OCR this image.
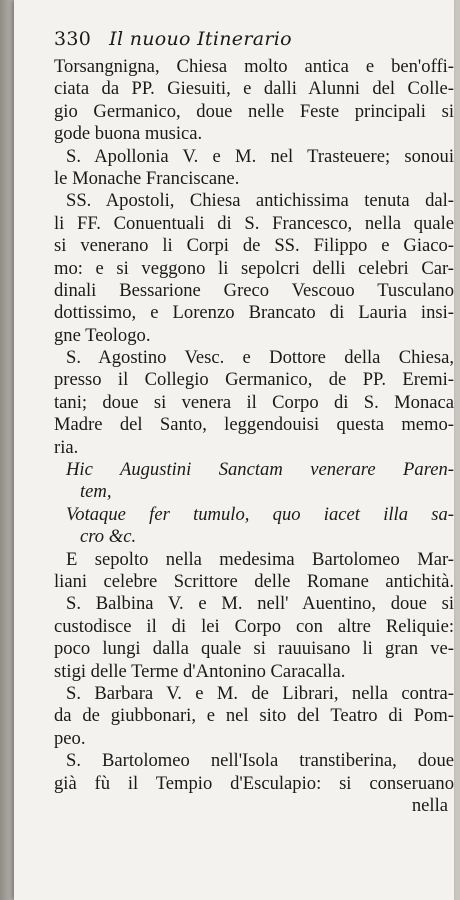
330 Il nuouo Itinerario
Torsangnigna, Chiesa molto antica e ben'offi-
ciata da PP. Giesuiti, e dalli Alunni del Colle-
gio Germanico, doue nelle Feste principali si
gode buona musica.
S. Apollonia V. e M. nel Trasteuere; sonoui
le Monache Franciscane.
SS. Apostoli, Chiesa antichissima tenuta dal-
li FF. Conuentuali di S. Francesco, nella quale
si venerano li Corpi de SS. Filippo e Giaco-
mo: e si veggono li sepolcri delli celebri Car-
dinali Bessarione Greco Vescouo Tusculano
dottissimo, e Lorenzo Brancato di Lauria insi-
gne Teologo.
S. Agostino Vesc. e Dottore della Chiesa,
presso il Collegio Germanico, de PP. Eremi-
tani; doue si venera il Corpo di S. Monaca
Madre del Santo, leggendouisi questa memo-
ria.
Hic Augustini Sanctam venerare Paren-
tem,
Votaque fer tumulo, quo iacet illa sa-
cro &c.
E sepolto nella medesima Bartolomeo Mar-
liani celebre Scrittore delle Romane antichità.
S. Balbina V. e M. nell' Auentino, doue si
custodisce il di lei Corpo con altre Reliquie:
poco lungi dalla quale si rauuisano li gran ve-
stigi delle Terme d'Antonino Caracalla.
S. Barbara V. e M. de Librari, nella contra-
da de giubbonari, e nel sito del Teatro di Pom-
peo.
S. Bartolomeo nell'Isola transtiberina, doue
già fù il Tempio d'Esculapio: si conseruano
nella
